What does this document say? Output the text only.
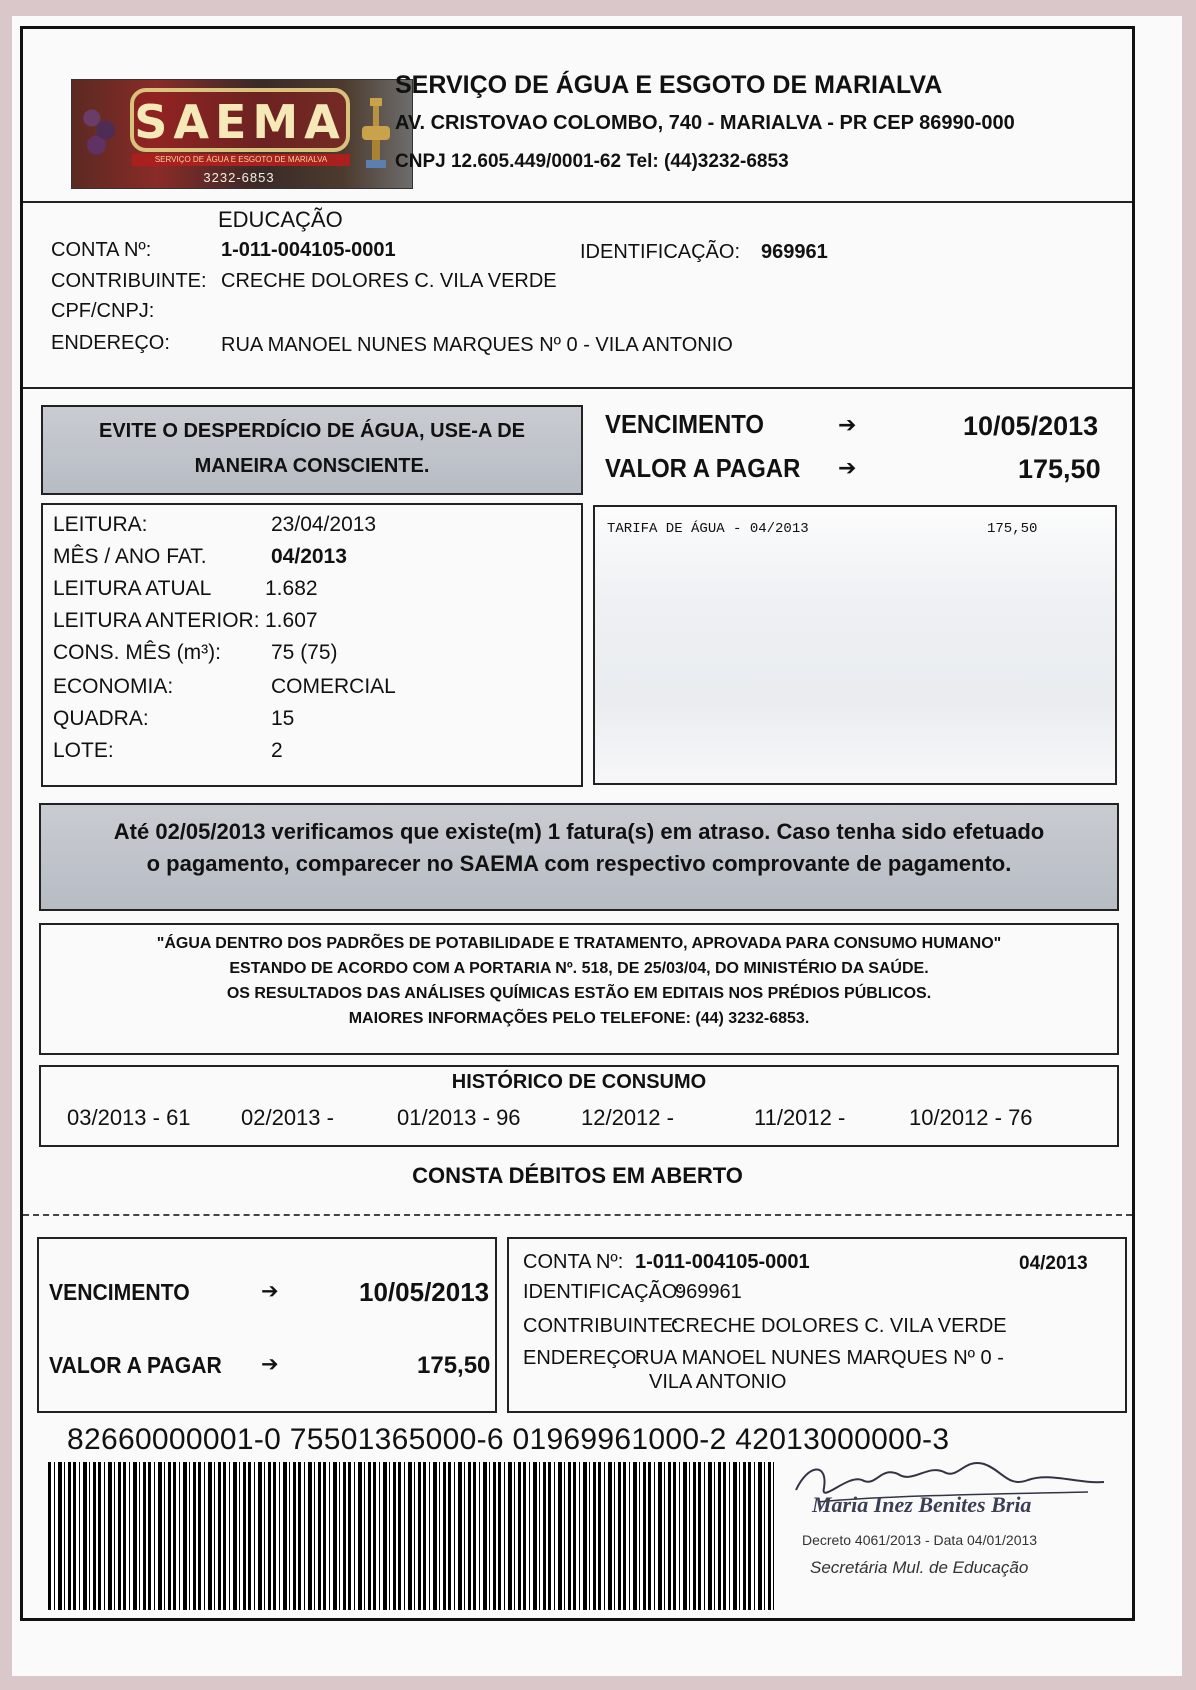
SAEMA
SERVIÇO DE ÁGUA E ESGOTO DE MARIALVA
3232-6853
SERVIÇO DE ÁGUA E ESGOTO DE MARIALVA
AV. CRISTOVAO COLOMBO, 740 - MARIALVA - PR CEP 86990-000
CNPJ 12.605.449/0001-62 Tel: (44)3232-6853
EDUCAÇÃO
CONTA Nº:	1-011-004105-0001	IDENTIFICAÇÃO: 969961
CONTRIBUINTE: CRECHE DOLORES C. VILA VERDE
CPF/CNPJ:
ENDEREÇO:	RUA MANOEL NUNES MARQUES Nº 0 - VILA ANTONIO
EVITE O DESPERDÍCIO DE ÁGUA, USE-A DE
MANEIRA CONSCIENTE.
VENCIMENTO	➔	10/05/2013
VALOR A PAGAR	➔	175,50
LEITURA:	23/04/2013
MÊS / ANO FAT.	04/2013
LEITURA ATUAL	1.682
LEITURA ANTERIOR: 1.607
CONS. MÊS (m³): 75 (75)
ECONOMIA:	COMERCIAL
QUADRA:	15
LOTE:	2
TARIFA DE ÁGUA - 04/2013	175,50
Até 02/05/2013 verificamos que existe(m) 1 fatura(s) em atraso. Caso tenha sido efetuado
o pagamento, comparecer no SAEMA com respectivo comprovante de pagamento.
"ÁGUA DENTRO DOS PADRÕES DE POTABILIDADE E TRATAMENTO, APROVADA PARA CONSUMO HUMANO"
ESTANDO DE ACORDO COM A PORTARIA Nº. 518, DE 25/03/04, DO MINISTÉRIO DA SAÚDE.
OS RESULTADOS DAS ANÁLISES QUÍMICAS ESTÃO EM EDITAIS NOS PRÉDIOS PÚBLICOS.
MAIORES INFORMAÇÕES PELO TELEFONE: (44) 3232-6853.
HISTÓRICO DE CONSUMO
03/2013 - 61 02/2013 -	01/2013 - 96	12/2012 -	11/2012 -	10/2012 - 76
CONSTA DÉBITOS EM ABERTO
VENCIMENTO	➔	10/05/2013
VALOR A PAGAR	➔	175,50
CONTA Nº: 1-011-004105-0001	04/2013
IDENTIFICAÇÃO:
969961
CONTRIBUINTE:
CRECHE DOLORES C. VILA VERDE
ENDEREÇO:
RUA MANOEL NUNES MARQUES Nº 0 -
VILA ANTONIO
82660000001-0 75501365000-6 01969961000-2 42013000000-3
Maria Inez Benites Bria
Decreto 4061/2013 - Data 04/01/2013
Secretária Mul. de Educação
